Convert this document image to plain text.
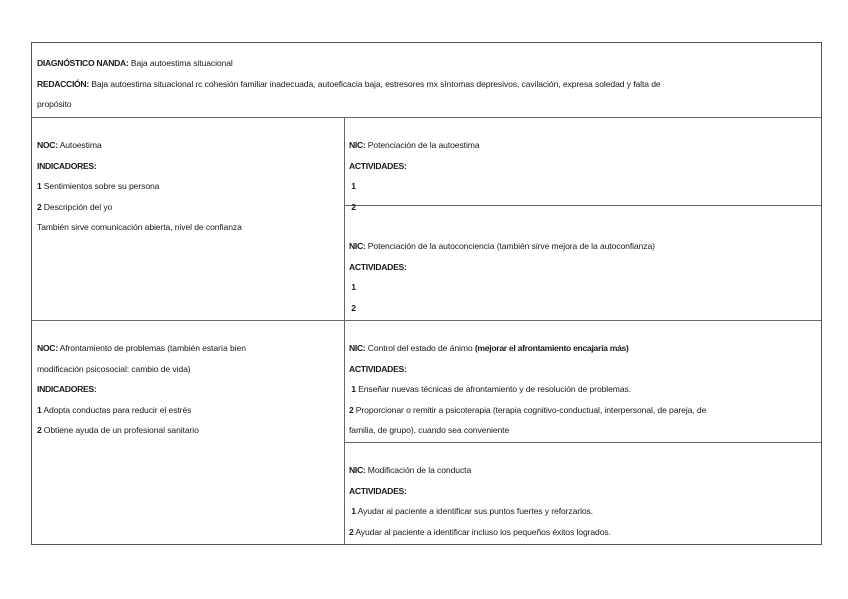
DIAGNÓSTICO NANDA: Baja autoestima situacional
REDACCIÓN: Baja autoestima situacional rc cohesión familiar inadecuada, autoeficacia baja, estresores mx síntomas depresivos, cavilación, expresa soledad y falta de
propósito
NOC: Autoestima
INDICADORES:
1 Sentimientos sobre su persona
2 Descripción del yo
También sirve comunicación abierta, nivel de confianza
NIC: Potenciación de la autoestima
ACTIVIDADES:
1
2
NIC: Potenciación de la autoconciencia (también sirve mejora de la autoconfianza)
ACTIVIDADES:
1
2
NOC: Afrontamiento de problemas (también estaría bien
modificación psicosocial: cambio de vida)
INDICADORES:
1 Adopta conductas para reducir el estrés
2 Obtiene ayuda de un profesional sanitario
NIC: Control del estado de ánimo (mejorar el afrontamiento encajaría más)
ACTIVIDADES:
1 Enseñar nuevas técnicas de afrontamiento y de resolución de problemas.
2 Proporcionar o remitir a psicoterapia (terapia cognitivo-conductual, interpersonal, de pareja, de
familia, de grupo), cuando sea conveniente
NIC: Modificación de la conducta
ACTIVIDADES:
1 Ayudar al paciente a identificar sus puntos fuertes y reforzarlos.
2 Ayudar al paciente a identificar incluso los pequeños éxitos logrados.
